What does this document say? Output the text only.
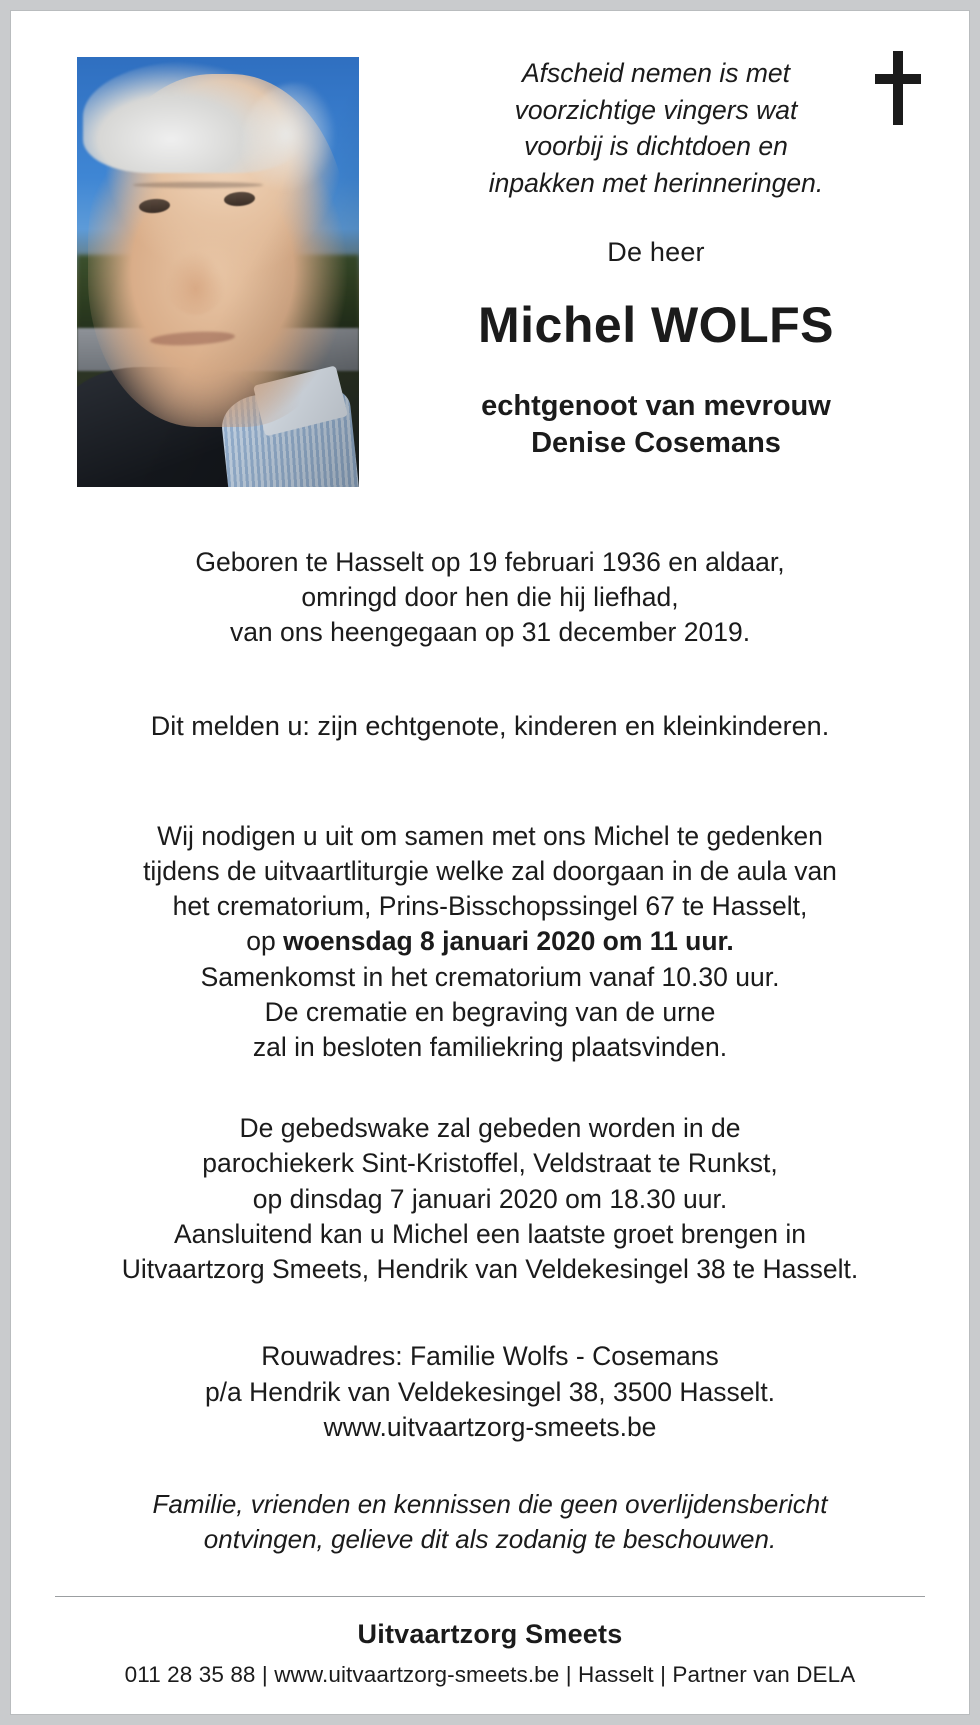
Afscheid nemen is met
voorzichtige vingers wat
voorbij is dichtdoen en
inpakken met herinneringen.
De heer
Michel WOLFS
echtgenoot van mevrouw
Denise Cosemans
Geboren te Hasselt op 19 februari 1936 en aldaar,
omringd door hen die hij liefhad,
van ons heengegaan op 31 december 2019.
Dit melden u: zijn echtgenote, kinderen en kleinkinderen.
Wij nodigen u uit om samen met ons Michel te gedenken
tijdens de uitvaartliturgie welke zal doorgaan in de aula van
het crematorium, Prins-Bisschopssingel 67 te Hasselt,
op woensdag 8 januari 2020 om 11 uur.
Samenkomst in het crematorium vanaf 10.30 uur.
De crematie en begraving van de urne
zal in besloten familiekring plaatsvinden.
De gebedswake zal gebeden worden in de
parochiekerk Sint-Kristoffel, Veldstraat te Runkst,
op dinsdag 7 januari 2020 om 18.30 uur.
Aansluitend kan u Michel een laatste groet brengen in
Uitvaartzorg Smeets, Hendrik van Veldekesingel 38 te Hasselt.
Rouwadres: Familie Wolfs - Cosemans
p/a Hendrik van Veldekesingel 38, 3500 Hasselt.
www.uitvaartzorg-smeets.be
Familie, vrienden en kennissen die geen overlijdensbericht
ontvingen, gelieve dit als zodanig te beschouwen.
Uitvaartzorg Smeets
011 28 35 88 | www.uitvaartzorg-smeets.be | Hasselt | Partner van DELA
